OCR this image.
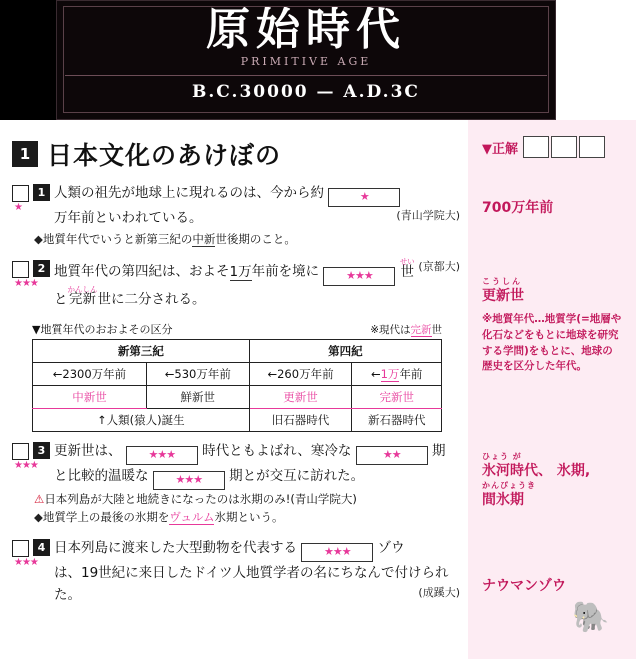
原始時代
PRIMITIVE AGE
B.C.30000 — A.D.3C
▼正解
700万年前
こうしん
更新世
※地質年代…地質学(=地層や化石などをもとに地球を研究する学問)をもとに、地球の歴史を区分した年代。
ひょう が
氷河時代、 氷期,
かんぴょうき
間氷期
ナウマンゾウ
🐘
1 日本文化のあけぼの
1 人類の祖先が地球上に現れるのは、今から約	★
(青山学院大)

万年前といわれている。
★
◆地質年代でいうと新第三紀の中新世後期のこと。
2 地質年代の第四紀は、およそ1万年前を境に ★★★
せい
世 (京都大)

と
かんしん
完新 世に二分される。
★★★
▼地質年代のおおよその区分	※現代は完新世
新第三紀		第四紀	
←2300万年前	←530万年前	←260万年前	←1万年前
中新世	鮮新世	更新世	完新世
↑人類(猿人)誕生		旧石器時代	新石器時代
3 更新世は、 ★★★ 時代ともよばれ、寒冷な	★★ 期
と比較的温暖な ★★★ 期とが交互に訪れた。
★★★
⚠日本列島が大陸と地続きになったのは氷期のみ!(青山学院大)
◆地質学上の最後の氷期をヴュルム氷期という。
4 日本列島に渡来した大型動物を代表する ★★★ ゾウ
は、19世紀に来日したドイツ人地質学者の名にちなんで付けられた。	(成蹊大)
★★★
